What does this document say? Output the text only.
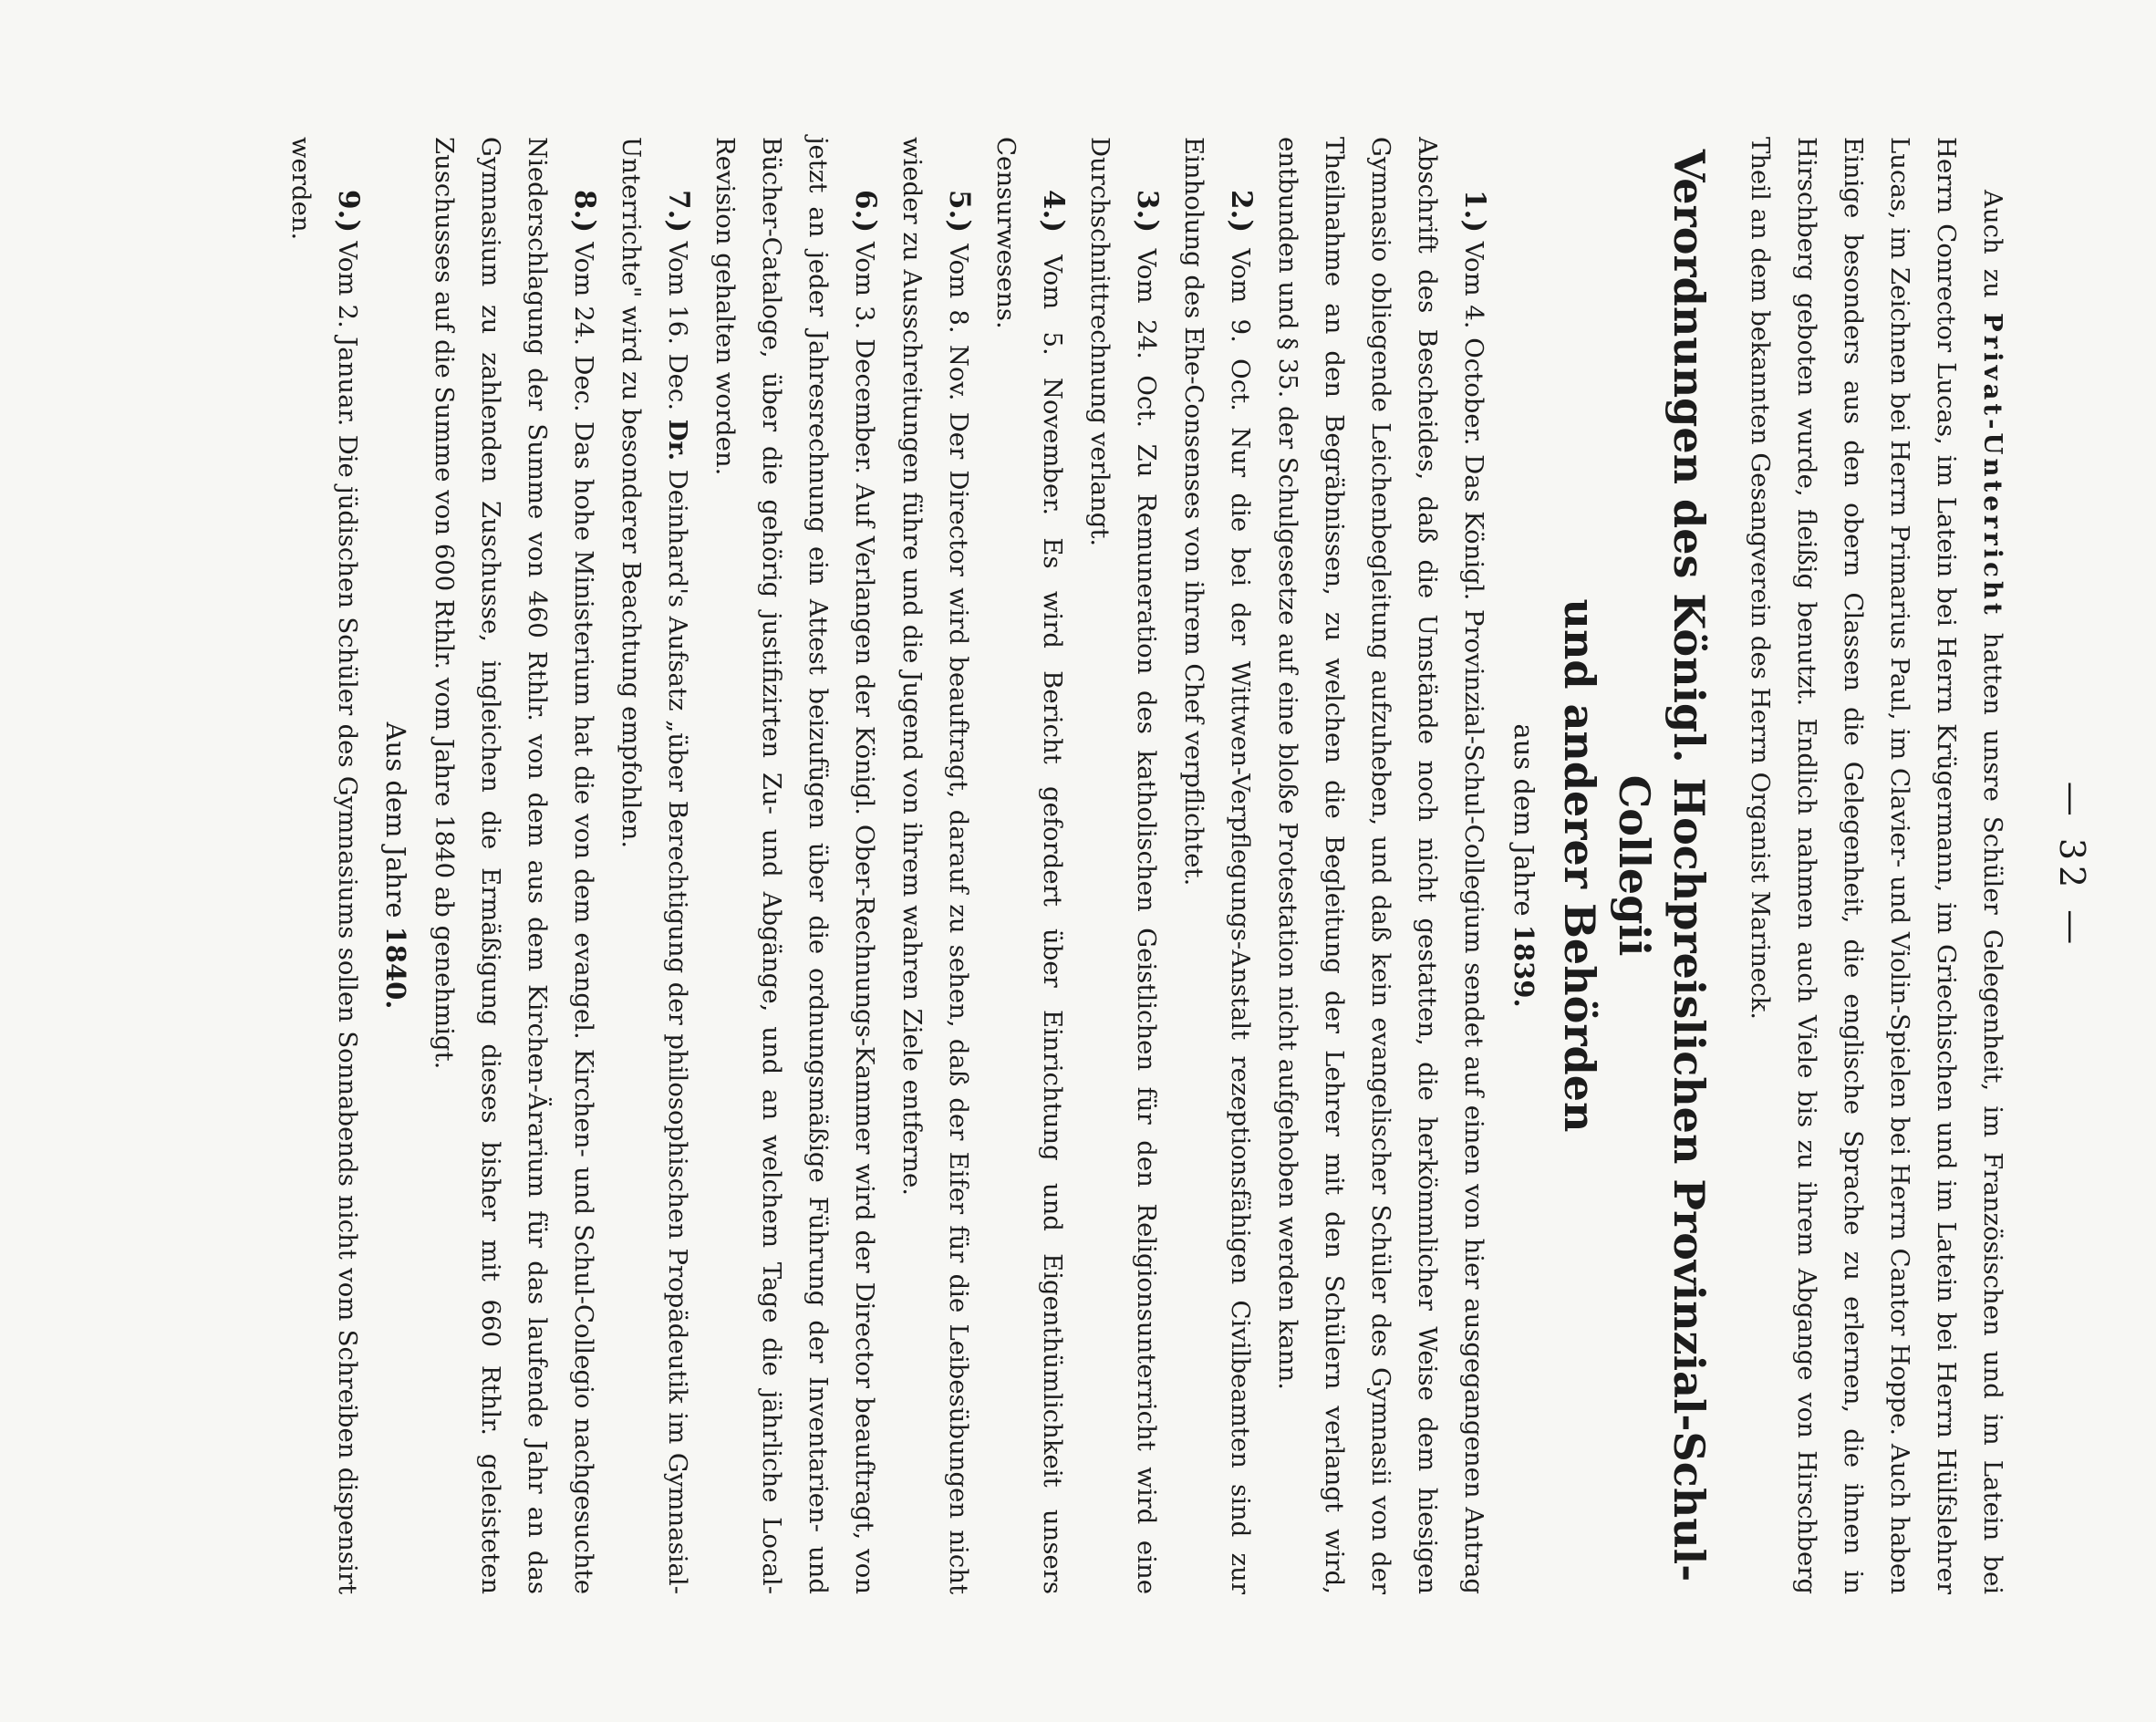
— 32 —

Auch zu Privat-Unterricht hatten unsre Schüler Gelegenheit, im Französischen und im Latein bei Herrn Conrector Lucas, im Latein bei Herrn Krügermann, im Griechischen und im Latein bei Herrn Hülfslehrer Lucas, im Zeichnen bei Herrn Primarius Paul, im Clavier- und Violin-Spielen bei Herrn Cantor Hoppe. Auch haben Einige besonders aus den obern Classen die Gelegenheit, die englische Sprache zu erlernen, die ihnen in Hirschberg geboten wurde, fleißig benutzt. Endlich nahmen auch Viele bis zu ihrem Abgange von Hirschberg Theil an dem bekannten Gesangverein des Herrn Organist Marineck.

Verordnungen des Königl. Hochpreislichen Provinzial-Schul-Collegii
und anderer Behörden
aus dem Jahre 1839.

1.) Vom 4. October. Das Königl. Provinzial-Schul-Collegium sendet auf einen von hier ausgegangenen Antrag Abschrift des Bescheides, daß die Umstände noch nicht gestatten, die herkömmlicher Weise dem hiesigen Gymnasio obliegende Leichenbegleitung aufzuheben, und daß kein evangelischer Schüler des Gymnasii von der Theilnahme an den Begräbnissen, zu welchen die Begleitung der Lehrer mit den Schülern verlangt wird, entbunden und § 35. der Schulgesetze auf eine bloße Protestation nicht aufgehoben werden kann.

2.) Vom 9. Oct. Nur die bei der Wittwen-Verpflegungs-Anstalt rezeptionsfähigen Civilbeamten sind zur Einholung des Ehe-Consenses von ihrem Chef verpflichtet.

3.) Vom 24. Oct. Zu Remuneration des katholischen Geistlichen für den Religionsunterricht wird eine Durchschnittrechnung verlangt.

4.) Vom 5. November. Es wird Bericht gefordert über Einrichtung und Eigenthümlichkeit unsers Censurwesens.

5.) Vom 8. Nov. Der Director wird beauftragt, darauf zu sehen, daß der Eifer für die Leibesübungen nicht wieder zu Ausschreitungen führe und die Jugend von ihrem wahren Ziele entferne.

6.) Vom 3. December. Auf Verlangen der Königl. Ober-Rechnungs-Kammer wird der Director beauftragt, von jetzt an jeder Jahresrechnung ein Attest beizufügen über die ordnungsmäßige Führung der Inventarien- und Bücher-Cataloge, über die gehörig justifizirten Zu- und Abgänge, und an welchem Tage die jährliche Local-Revision gehalten worden.

7.) Vom 16. Dec. Dr. Deinhard's Aufsatz „über Berechtigung der philosophischen Propädeutik im Gymnasial-Unterrichte" wird zu besonderer Beachtung empfohlen.

8.) Vom 24. Dec. Das hohe Ministerium hat die von dem evangel. Kirchen- und Schul-Collegio nachgesuchte Niederschlagung der Summe von 460 Rthlr. von dem aus dem Kirchen-Ärarium für das laufende Jahr an das Gymnasium zu zahlenden Zuschusse, ingleichen die Ermäßigung dieses bisher mit 660 Rthlr. geleisteten Zuschusses auf die Summe von 600 Rthlr. vom Jahre 1840 ab genehmigt.

Aus dem Jahre 1840.

9.) Vom 2. Januar. Die jüdischen Schüler des Gymnasiums sollen Sonnabends nicht vom Schreiben dispensirt werden.
